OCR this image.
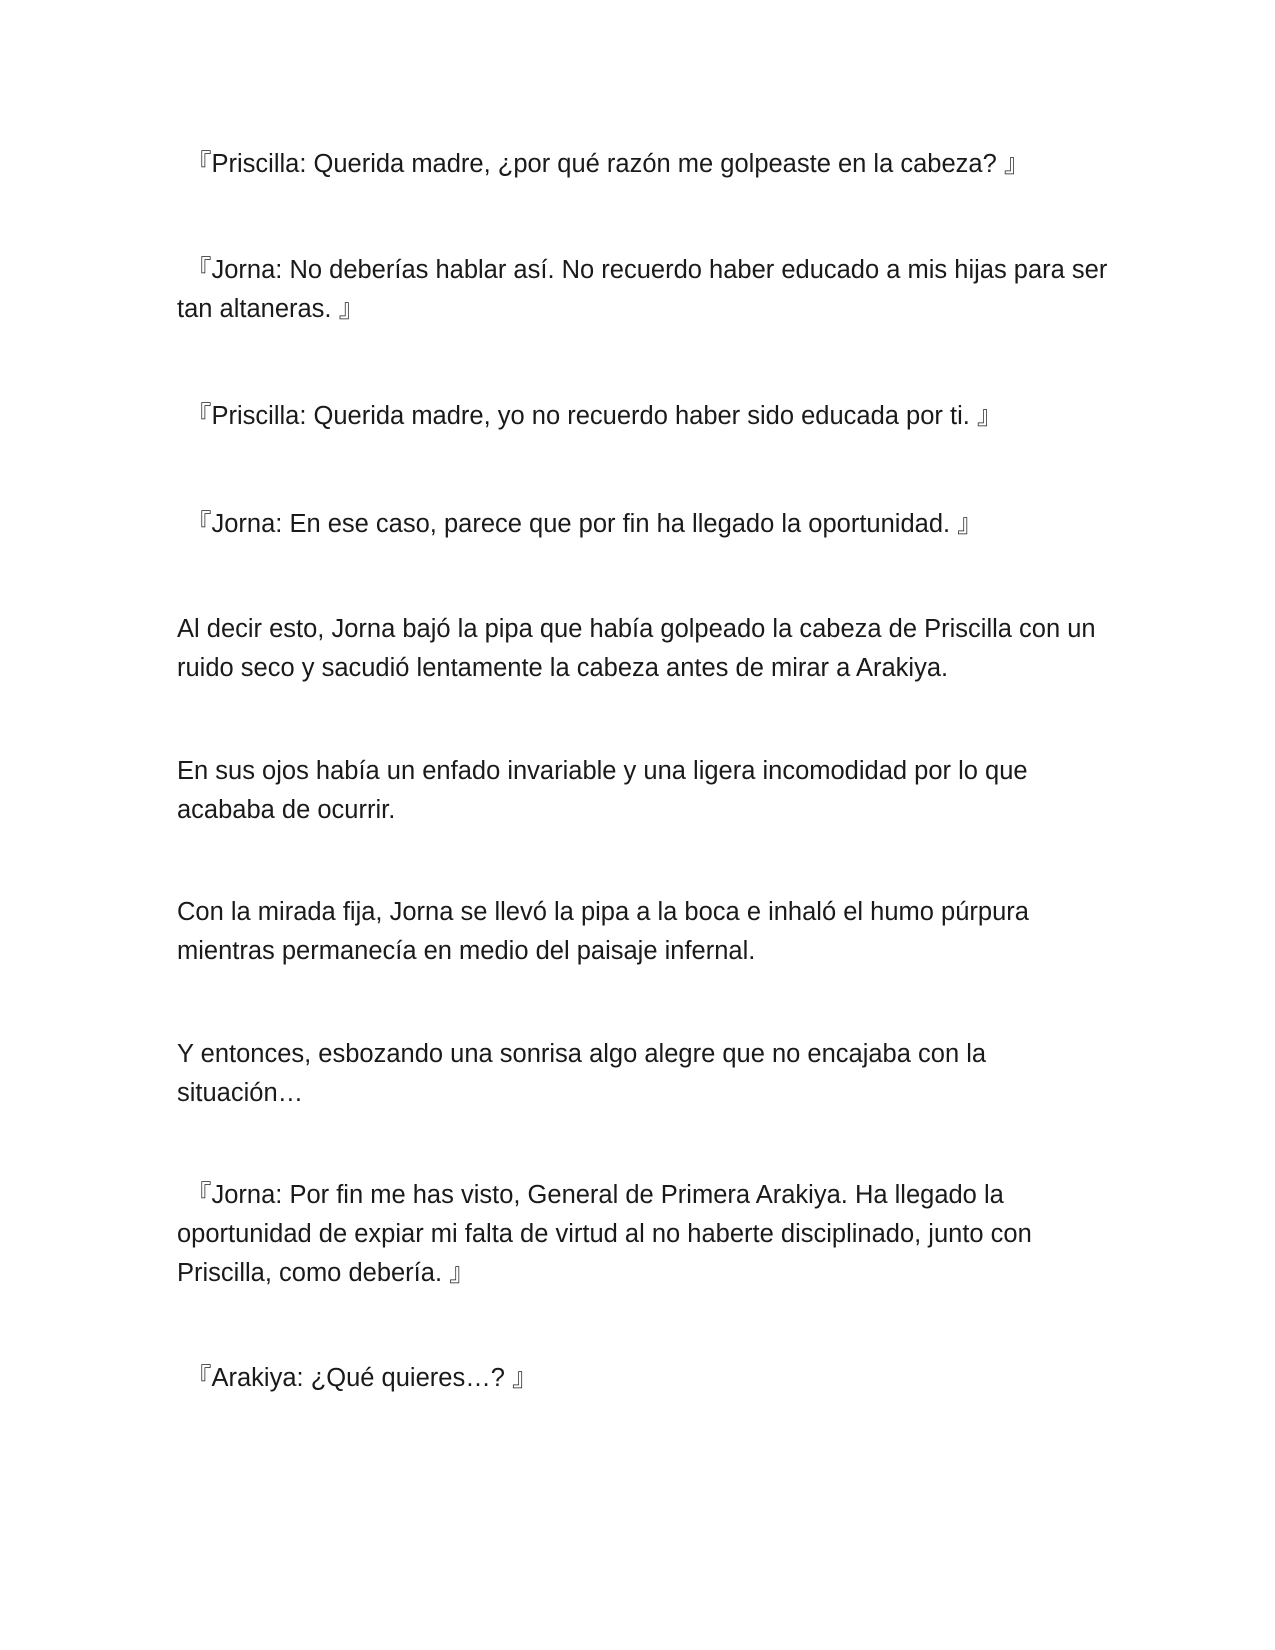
『Priscilla: Querida madre, ¿por qué razón me golpeaste en la cabeza? 』

『Jorna: No deberías hablar así. No recuerdo haber educado a mis hijas para ser tan altaneras. 』

『Priscilla: Querida madre, yo no recuerdo haber sido educada por ti. 』

『Jorna: En ese caso, parece que por fin ha llegado la oportunidad. 』

Al decir esto, Jorna bajó la pipa que había golpeado la cabeza de Priscilla con un ruido seco y sacudió lentamente la cabeza antes de mirar a Arakiya.

En sus ojos había un enfado invariable y una ligera incomodidad por lo que acababa de ocurrir.

Con la mirada fija, Jorna se llevó la pipa a la boca e inhaló el humo púrpura mientras permanecía en medio del paisaje infernal.

Y entonces, esbozando una sonrisa algo alegre que no encajaba con la situación…

『Jorna: Por fin me has visto, General de Primera Arakiya. Ha llegado la oportunidad de expiar mi falta de virtud al no haberte disciplinado, junto con Priscilla, como debería. 』

『Arakiya: ¿Qué quieres…? 』
